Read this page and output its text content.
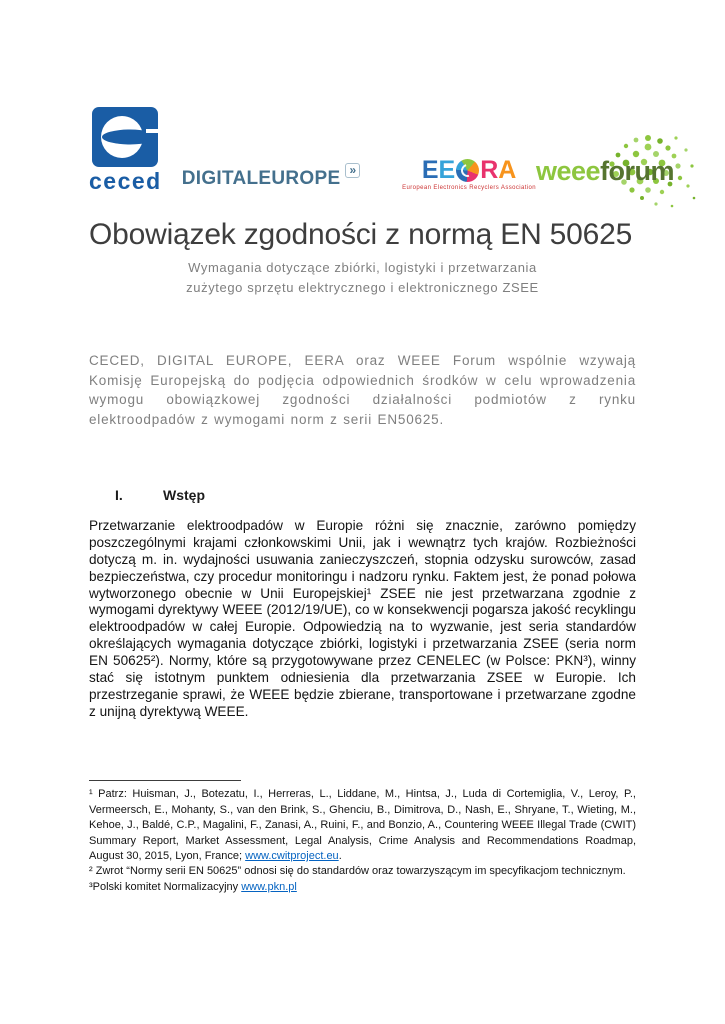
ceced DIGITALEUROPE »	E E R A
European Electronics Recyclers Association
weeeforum
Obowiązek zgodności z normą EN 50625
Wymagania dotyczące zbiórki, logistyki i przetwarzania
zużytego sprzętu elektrycznego i elektronicznego ZSEE

CECED, DIGITAL EUROPE, EERA oraz WEEE Forum wspólnie wzywają Komisję Europejską do podjęcia odpowiednich środków w celu wprowadzenia wymogu obowiązkowej zgodności działalności podmiotów z rynku elektroodpadów z wymogami norm z serii EN50625.

I.	Wstęp

Przetwarzanie elektroodpadów w Europie różni się znacznie, zarówno pomiędzy poszczególnymi krajami członkowskimi Unii, jak i wewnątrz tych krajów. Rozbieżności dotyczą m. in. wydajności usuwania zanieczyszczeń, stopnia odzysku surowców, zasad bezpieczeństwa, czy procedur monitoringu i nadzoru rynku. Faktem jest, że ponad połowa wytworzonego obecnie w Unii Europejskiej¹ ZSEE nie jest przetwarzana zgodnie z wymogami dyrektywy WEEE (2012/19/UE), co w konsekwencji pogarsza jakość recyklingu elektroodpadów w całej Europie. Odpowiedzią na to wyzwanie, jest seria standardów określających wymagania dotyczące zbiórki, logistyki i przetwarzania ZSEE (seria norm EN 50625²). Normy, które są przygotowywane przez CENELEC (w Polsce: PKN³), winny stać się istotnym punktem odniesienia dla przetwarzania ZSEE w Europie. Ich przestrzeganie sprawi, że WEEE będzie zbierane, transportowane i przetwarzane zgodne z unijną dyrektywą WEEE.

¹ Patrz: Huisman, J., Botezatu, I., Herreras, L., Liddane, M., Hintsa, J., Luda di Cortemiglia, V., Leroy, P., Vermeersch, E., Mohanty, S., van den Brink, S., Ghenciu, B., Dimitrova, D., Nash, E., Shryane, T., Wieting, M., Kehoe, J., Baldé, C.P., Magalini, F., Zanasi, A., Ruini, F., and Bonzio, A., Countering WEEE Illegal Trade (CWIT) Summary Report, Market Assessment, Legal Analysis, Crime Analysis and Recommendations Roadmap, August 30, 2015, Lyon, France; www.cwitproject.eu.

² Zwrot “Normy serii EN 50625” odnosi się do standardów oraz towarzyszącym im specyfikacjom technicznym.

³Polski komitet Normalizacyjny www.pkn.pl
